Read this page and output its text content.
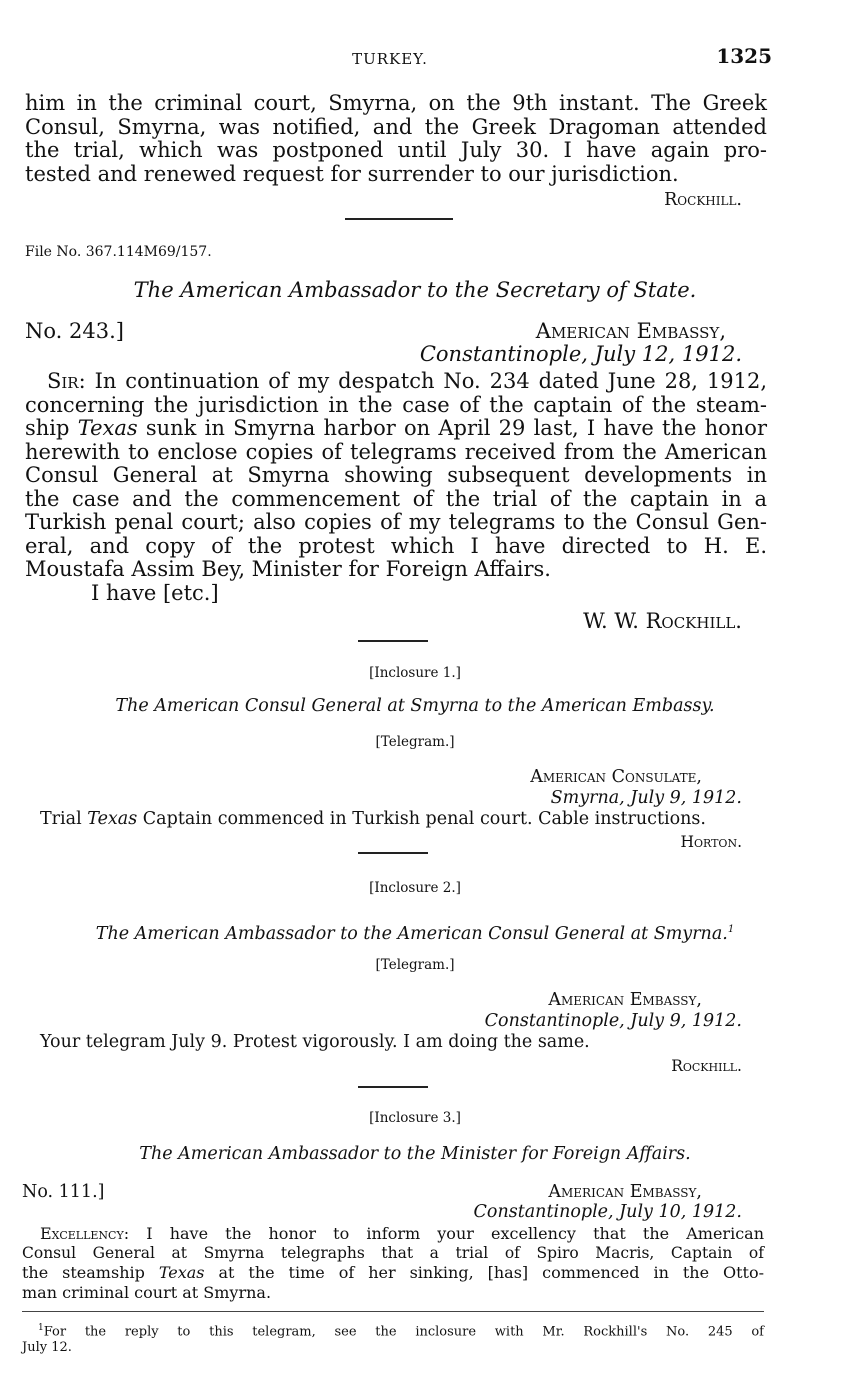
TURKEY.	1325
him in the criminal court, Smyrna, on the 9th instant. The Greek
Consul, Smyrna, was notified, and the Greek Dragoman attended
the trial, which was postponed until July 30. I have again pro-
tested and renewed request for surrender to our jurisdiction.
Rockhill.
File No. 367.114M69/157.
The American Ambassador to the Secretary of State.
No. 243.]	American Embassy,
Constantinople, July 12, 1912.
Sir: In continuation of my despatch No. 234 dated June 28, 1912,
concerning the jurisdiction in the case of the captain of the steam-
ship Texas sunk in Smyrna harbor on April 29 last, I have the honor
herewith to enclose copies of telegrams received from the American
Consul General at Smyrna showing subsequent developments in
the case and the commencement of the trial of the captain in a
Turkish penal court; also copies of my telegrams to the Consul Gen-
eral, and copy of the protest which I have directed to H. E.
Moustafa Assim Bey, Minister for Foreign Affairs.
I have [etc.]
W. W. Rockhill.
[Inclosure 1.]
The American Consul General at Smyrna to the American Embassy.
[Telegram.]
American Consulate,
Smyrna, July 9, 1912.
Trial Texas Captain commenced in Turkish penal court. Cable instructions.
Horton.
[Inclosure 2.]
The American Ambassador to the American Consul General at Smyrna.$^1$
[Telegram.]
American Embassy,
Constantinople, July 9, 1912.
Your telegram July 9. Protest vigorously. I am doing the same.
Rockhill.
[Inclosure 3.]
The American Ambassador to the Minister for Foreign Affairs.
No. 111.]	American Embassy,
Constantinople, July 10, 1912.
Excellency: I have the honor to inform your excellency that the American
Consul General at Smyrna telegraphs that a trial of Spiro Macris, Captain of
the steamship Texas at the time of her sinking, [has] commenced in the Otto-
man criminal court at Smyrna.
$^1$For the reply to this telegram, see the inclosure with Mr. Rockhill's No. 245 of
July 12.
